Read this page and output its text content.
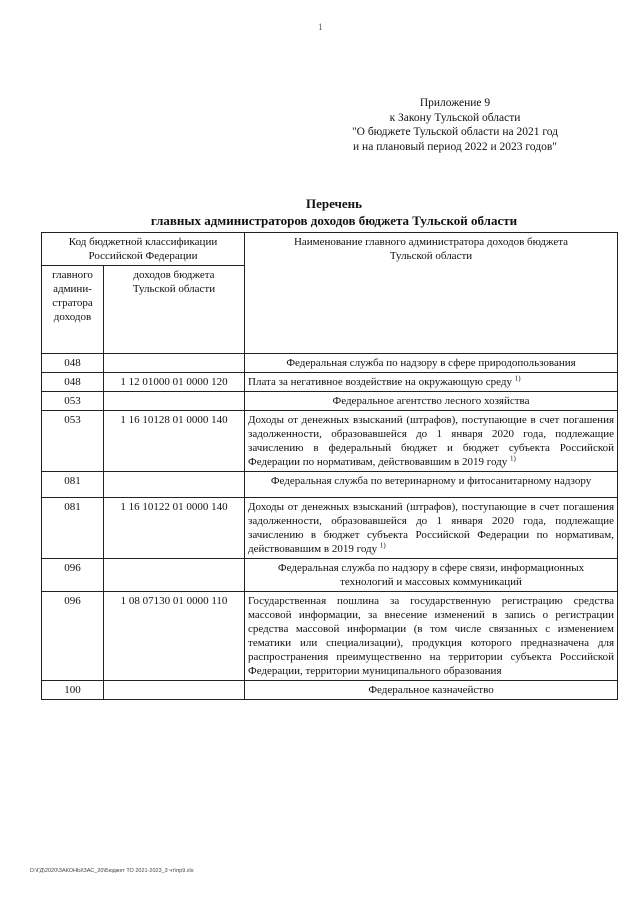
1
Приложение 9
к Закону Тульской области
"О бюджете Тульской области на 2021 год
и на плановый период 2022 и 2023 годов"
Перечень
главных администраторов доходов бюджета Тульской области
Код бюджетной классификации Российской Федерации		Наименование главного администратора доходов бюджета Тульской области
главного админи-стратора доходов	доходов бюджета Тульской области	
048		Федеральная служба по надзору в сфере природопользования
048	1 12 01000 01 0000 120	Плата за негативное воздействие на окружающую среду $^{1)}$
053		Федеральное агентство лесного хозяйства
053	1 16 10128 01 0000 140	Доходы от денежных взысканий (штрафов), поступающие в счет погашения задолженности, образовавшейся до 1 января 2020 года, подлежащие зачислению в федеральный бюджет и бюджет субъекта Российской Федерации по нормативам, действовавшим в 2019 году $^{1)}$
081		Федеральная служба по ветеринарному и фитосанитарному надзору
081	1 16 10122 01 0000 140	Доходы от денежных взысканий (штрафов), поступающие в счет погашения задолженности, образовавшейся до 1 января 2020 года, подлежащие зачислению в бюджет субъекта Российской Федерации по нормативам, действовавшим в 2019 году $^{1)}$
096		Федеральная служба по надзору в сфере связи, информационных технологий и массовых коммуникаций
096	1 08 07130 01 0000 110	Государственная пошлина за государственную регистрацию средства массовой информации, за внесение изменений в запись о регистрации средства массовой информации (в том числе связанных с изменением тематики или специализации), продукция которого предназначена для распространения преимущественно на территории субъекта Российской Федерации, территории муниципального образования
100		Федеральное казначейство
D:\ГД\2020\ЗАКОНЫ\ЗАС_20\Бюджет ТО 2021-2023_3 чт\пр9.xls
